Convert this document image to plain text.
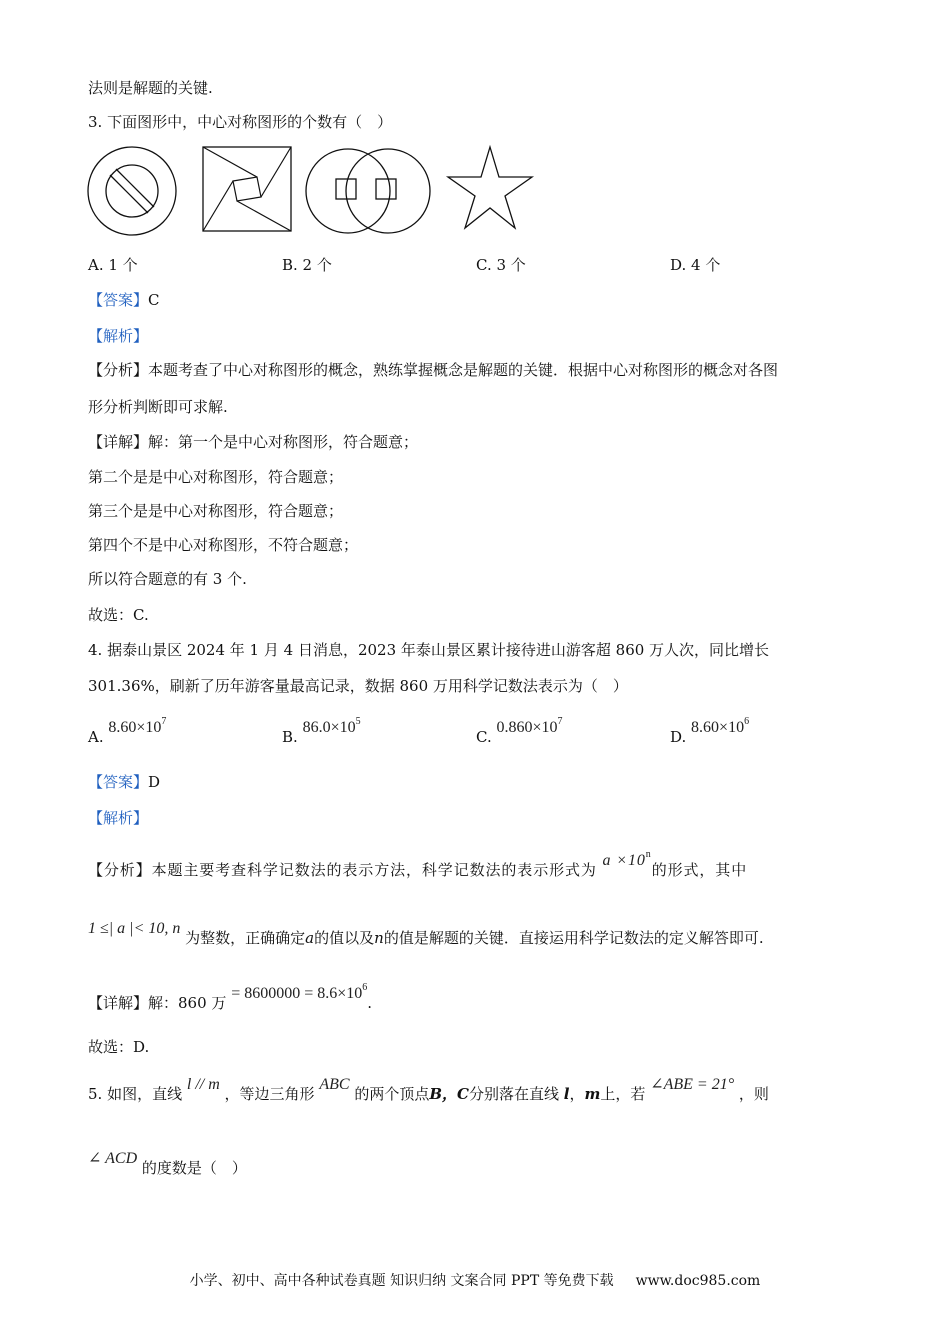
法则是解题的关键.
3. 下面图形中，中心对称图形的个数有（　）
A. 1 个	B. 2 个	C. 3 个	D. 4 个
【答案】C
【解析】
【分析】本题考查了中心对称图形的概念，熟练掌握概念是解题的关键．根据中心对称图形的概念对各图
形分析判断即可求解.
【详解】解：第一个是中心对称图形，符合题意；
第二个是是中心对称图形，符合题意；
第三个是是中心对称图形，符合题意；
第四个不是中心对称图形，不符合题意；
所以符合题意的有 3 个.
故选：C.
4. 据泰山景区 2024 年 1 月 4 日消息，2023 年泰山景区累计接待进山游客超 860 万人次，同比增长
301.36%，刷新了历年游客量最高记录，数据 860 万用科学记数法表示为（　）
A. $8.60\times 10^7$
B. $86.0\times 10^5$
C. $0.860\times 10^7$
D. $8.60\times 10^6$
【答案】D
【解析】
【分析】本题主要考查科学记数法的表示方法，科学记数法的表示形式为 $a \times 10^n$的形式，其中
1 ≤| a |< 10, n 为整数，正确确定a的值以及n的值是解题的关键．直接运用科学记数法的定义解答即可.
【详解】解：860 万 = $8600000 = 8.6\times 10^6$.
故选：D.
5. 如图，直线 l // m ，等边三角形 ABC 的两个顶点B，C分别落在直线 l，m上，若 ∠ABE = 21° ，则
∠ ACD 的度数是（　）
小学、初中、高中各种试卷真题 知识归纳 文案合同 PPT 等免费下载 www.doc985.com
